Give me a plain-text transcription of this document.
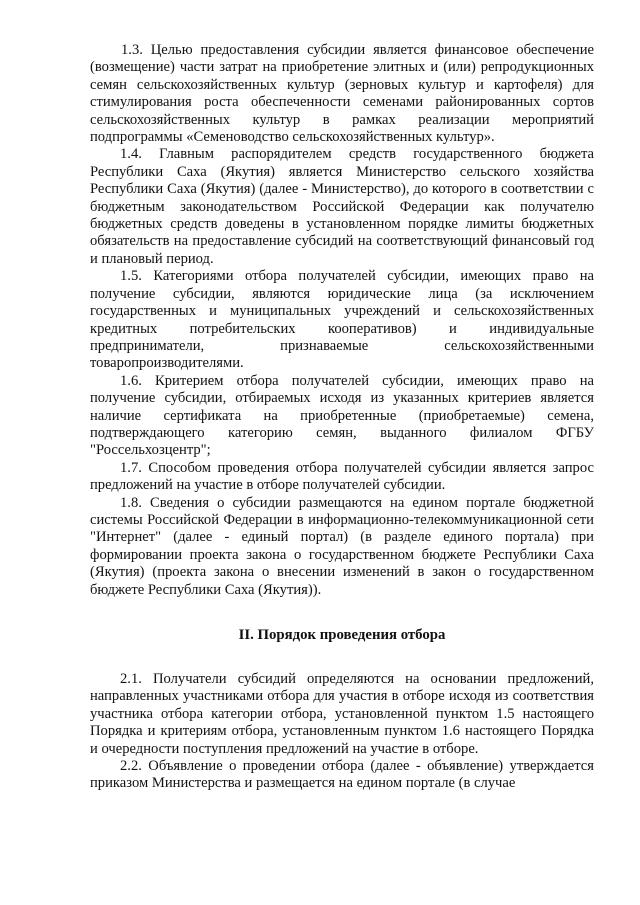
1.3. Целью предоставления субсидии является финансовое обеспечение (возмещение) части затрат на приобретение элитных и (или) репродукционных семян сельскохозяйственных культур (зерновых культур и картофеля) для стимулирования роста обеспеченности семенами районированных сортов сельскохозяйственных культур в рамках реализации мероприятий подпрограммы «Семеноводство сельскохозяйственных культур».

1.4. Главным распорядителем средств государственного бюджета Республики Саха (Якутия) является Министерство сельского хозяйства Республики Саха (Якутия) (далее - Министерство), до которого в соответствии с бюджетным законодательством Российской Федерации как получателю бюджетных средств доведены в установленном порядке лимиты бюджетных обязательств на предоставление субсидий на соответствующий финансовый год и плановый период.

1.5. Категориями отбора получателей субсидии, имеющих право на получение субсидии, являются юридические лица (за исключением государственных и муниципальных учреждений и сельскохозяйственных кредитных потребительских кооперативов) и индивидуальные предприниматели, признаваемые сельскохозяйственными товаропроизводителями.

1.6. Критерием отбора получателей субсидии, имеющих право на получение субсидии, отбираемых исходя из указанных критериев является наличие сертификата на приобретенные (приобретаемые) семена, подтверждающего категорию семян, выданного филиалом ФГБУ "Россельхозцентр";

1.7. Способом проведения отбора получателей субсидии является запрос предложений на участие в отборе получателей субсидии.

1.8. Сведения о субсидии размещаются на едином портале бюджетной системы Российской Федерации в информационно-телекоммуникационной сети "Интернет" (далее - единый портал) (в разделе единого портала) при формировании проекта закона о государственном бюджете Республики Саха (Якутия) (проекта закона о внесении изменений в закон о государственном бюджете Республики Саха (Якутия)).

II. Порядок проведения отбора

2.1. Получатели субсидий определяются на основании предложений, направленных участниками отбора для участия в отборе исходя из соответствия участника отбора категории отбора, установленной пунктом 1.5 настоящего Порядка и критериям отбора, установленным пунктом 1.6 настоящего Порядка и очередности поступления предложений на участие в отборе.

2.2. Объявление о проведении отбора (далее - объявление) утверждается приказом Министерства и размещается на едином портале (в случае
